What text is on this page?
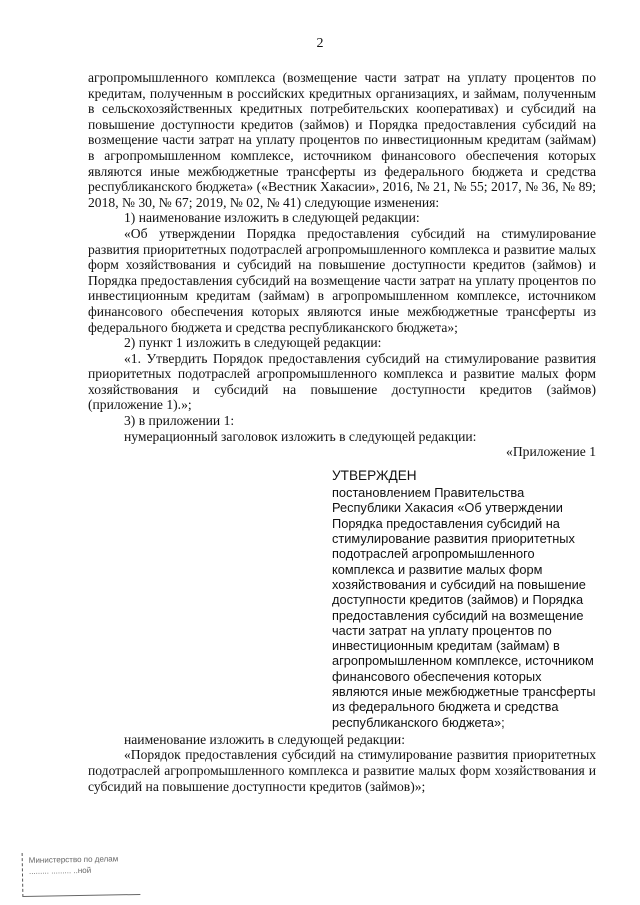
2

агропромышленного комплекса (возмещение части затрат на уплату процентов по кредитам, полученным в российских кредитных организациях, и займам, полученным в сельскохозяйственных кредитных потребительских кооперативах) и субсидий на повышение доступности кредитов (займов) и Порядка предоставления субсидий на возмещение части затрат на уплату процентов по инвестиционным кредитам (займам) в агропромышленном комплексе, источником финансового обеспечения которых являются иные межбюджетные трансферты из федерального бюджета и средства республиканского бюджета» («Вестник Хакасии», 2016, № 21, № 55; 2017, № 36, № 89; 2018, № 30, № 67; 2019, № 02, № 41) следующие изменения:

1) наименование изложить в следующей редакции:

«Об утверждении Порядка предоставления субсидий на стимулирование развития приоритетных подотраслей агропромышленного комплекса и развитие малых форм хозяйствования и субсидий на повышение доступности кредитов (займов) и Порядка предоставления субсидий на возмещение части затрат на уплату процентов по инвестиционным кредитам (займам) в агропромышленном комплексе, источником финансового обеспечения которых являются иные межбюджетные трансферты из федерального бюджета и средства республиканского бюджета»;

2) пункт 1 изложить в следующей редакции:

«1. Утвердить Порядок предоставления субсидий на стимулирование развития приоритетных подотраслей агропромышленного комплекса и развитие малых форм хозяйствования и субсидий на повышение доступности кредитов (займов) (приложение 1).»;

3) в приложении 1:

нумерационный заголовок изложить в следующей редакции:

«Приложение 1

УТВЕРЖДЕН
постановлением Правительства Республики Хакасия «Об утверждении Порядка предоставления субсидий на стимулирование развития приоритетных подотраслей агропромышленного комплекса и развитие малых форм хозяйствования и субсидий на повышение доступности кредитов (займов) и Порядка предоставления субсидий на возмещение части затрат на уплату процентов по инвестиционным кредитам (займам) в агропромышленном комплексе, источником финансового обеспечения которых являются иные межбюджетные трансферты из федерального бюджета и средства республиканского бюджета»;

наименование изложить в следующей редакции:

«Порядок предоставления субсидий на стимулирование развития приоритетных подотраслей агропромышленного комплекса и развитие малых форм хозяйствования и субсидий на повышение доступности кредитов (займов)»;

Министерство по делам
......... ......... ..ной
